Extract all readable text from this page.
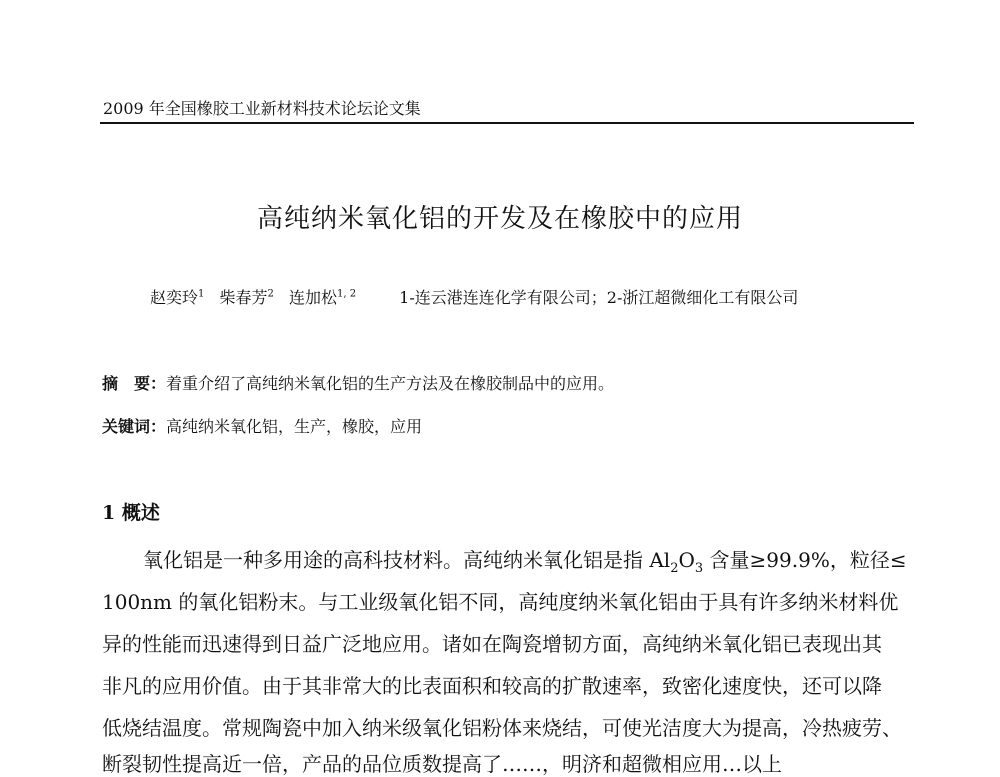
2009 年全国橡胶工业新材料技术论坛论文集
高纯纳米氧化铝的开发及在橡胶中的应用
赵奕玲$^1$ 柴春芳$^2$ 连加松$^{1, 2}$	1-连云港连连化学有限公司；2-浙江超微细化工有限公司
摘　要：着重介绍了高纯纳米氧化铝的生产方法及在橡胶制品中的应用。
关键词：高纯纳米氧化铝，生产，橡胶，应用
1 概述
氧化铝是一种多用途的高科技材料。高纯纳米氧化铝是指 $Al_2O_3$ 含量≥99.9%，粒径≤
100nm 的氧化铝粉末。与工业级氧化铝不同，高纯度纳米氧化铝由于具有许多纳米材料优
异的性能而迅速得到日益广泛地应用。诸如在陶瓷增韧方面，高纯纳米氧化铝已表现出其
非凡的应用价值。由于其非常大的比表面积和较高的扩散速率，致密化速度快，还可以降
低烧结温度。常规陶瓷中加入纳米级氧化铝粉体来烧结，可使光洁度大为提高，冷热疲劳、
断裂韧性提高近一倍，产品的品位质数提高了……，明济和超微相应用…以上
